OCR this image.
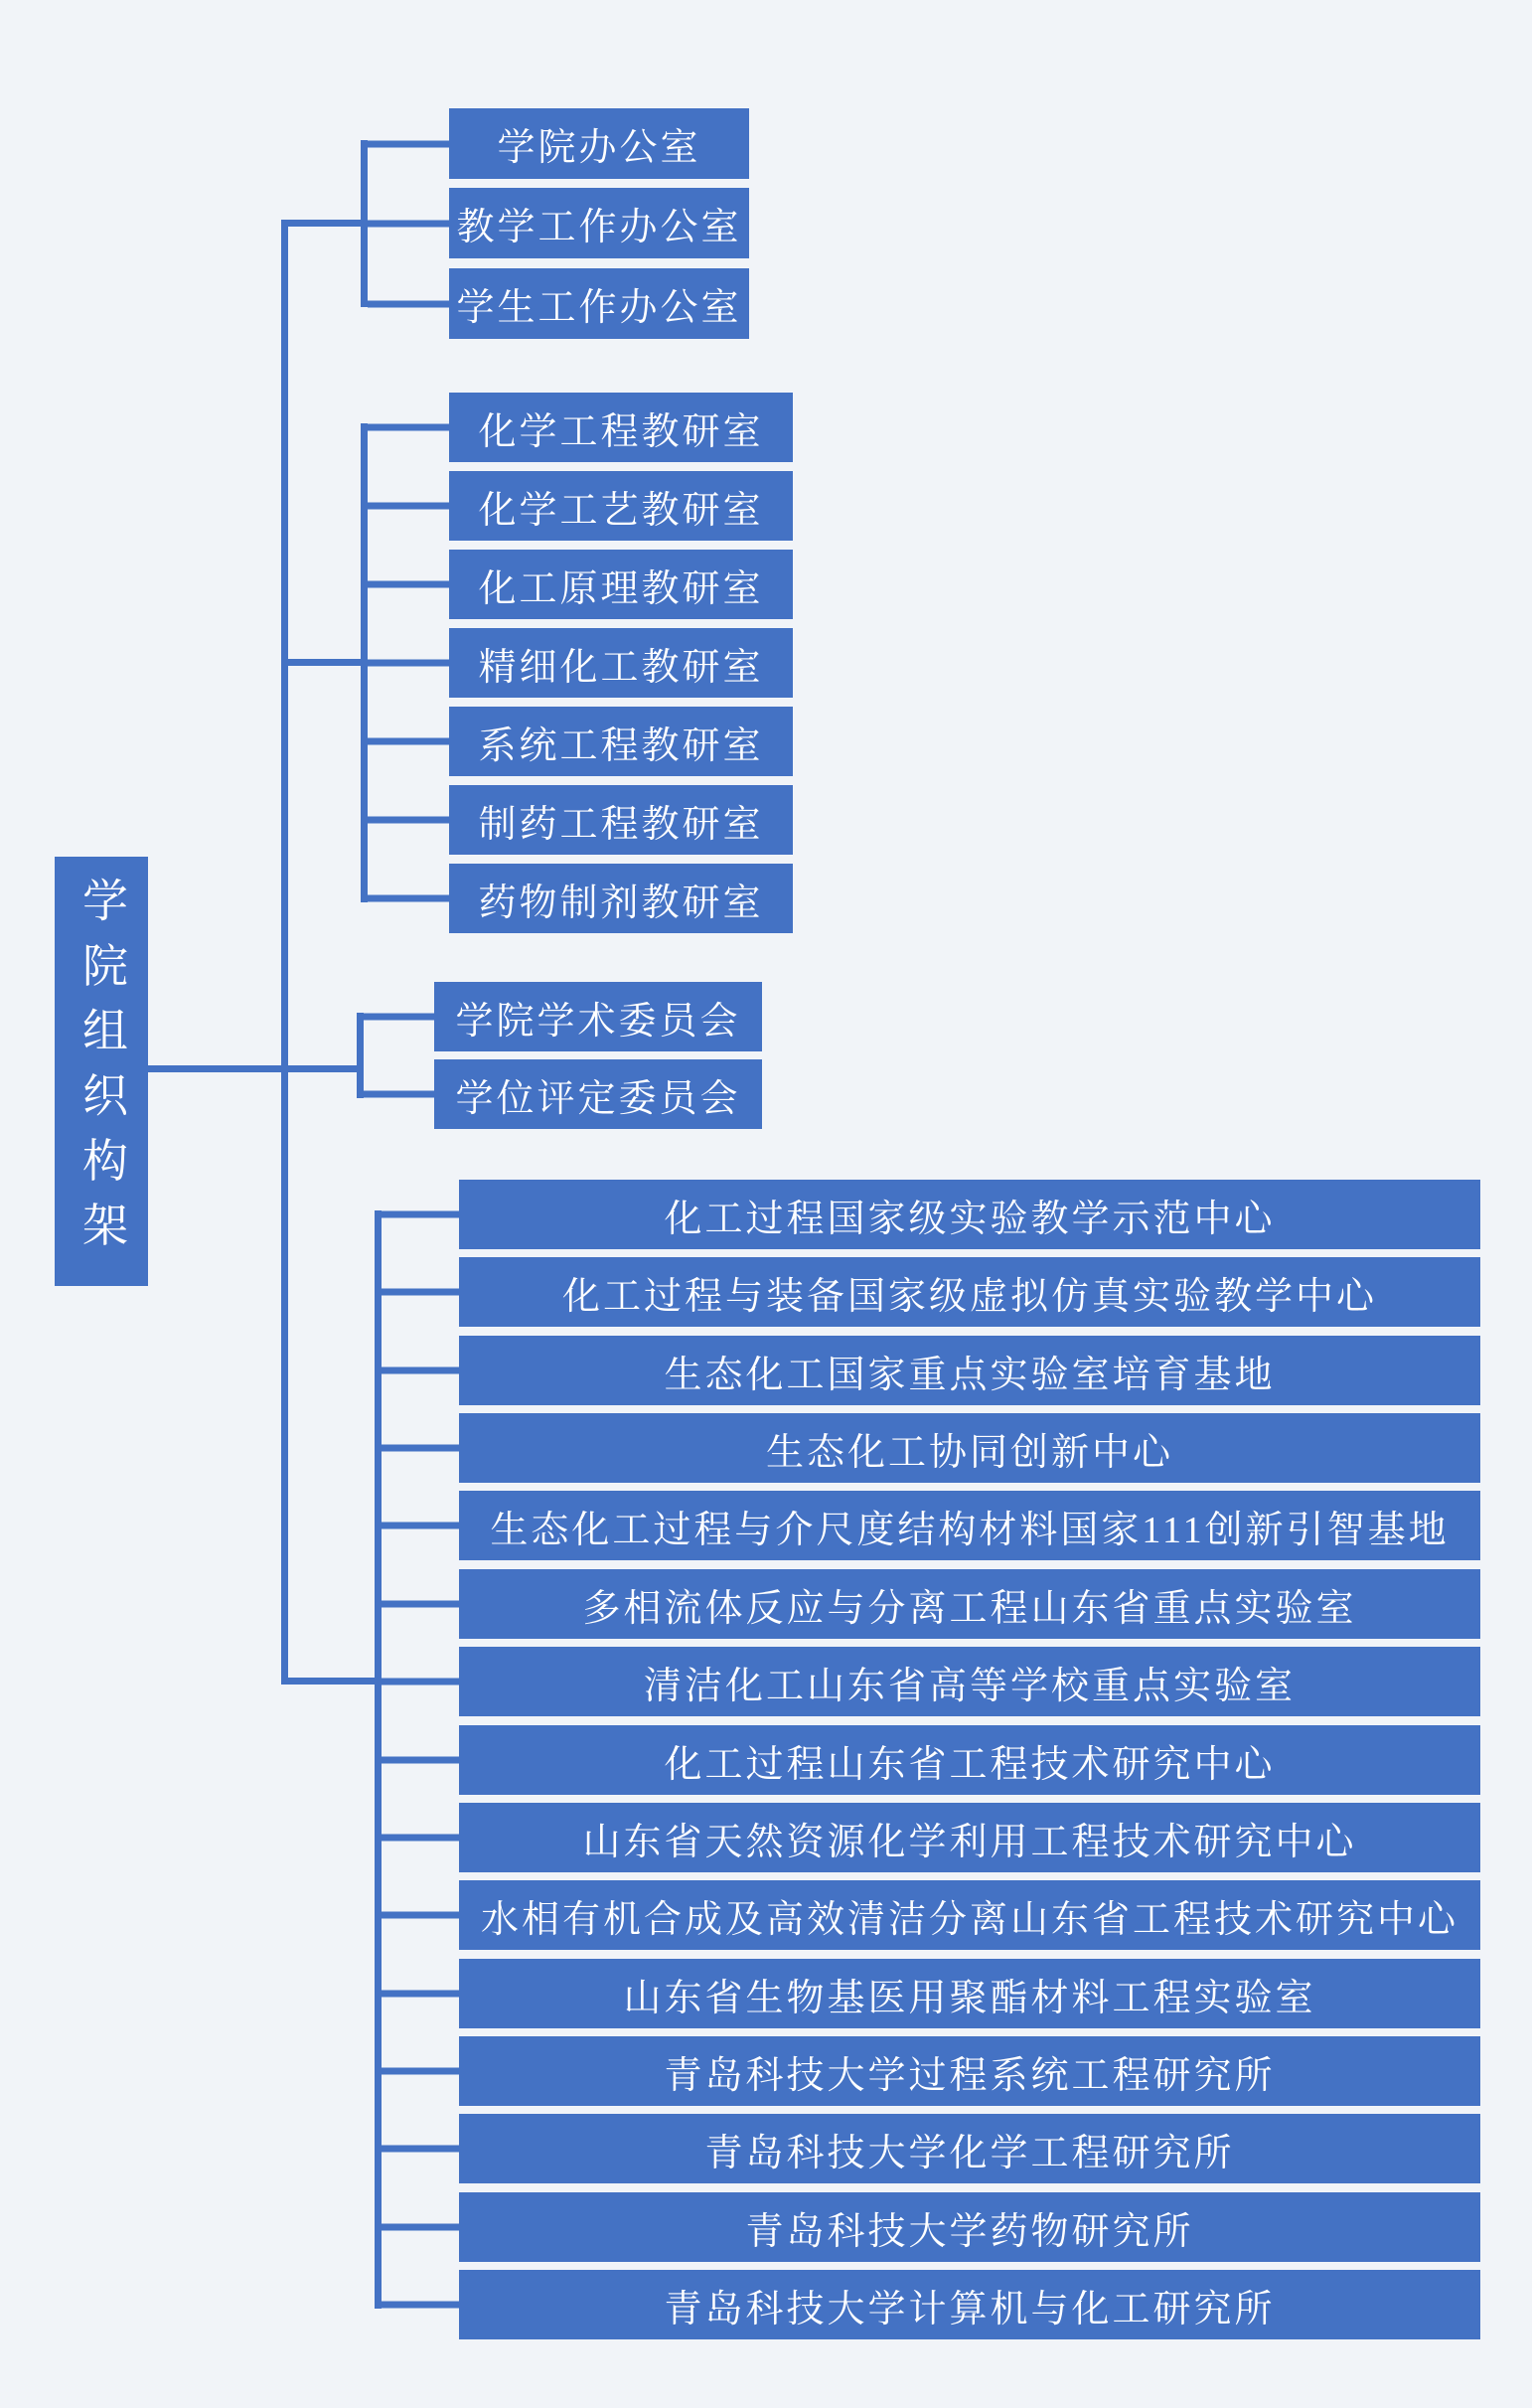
学院组织构架
学院办公室
教学工作办公室
学生工作办公室
化学工程教研室
化学工艺教研室
化工原理教研室
精细化工教研室
系统工程教研室
制药工程教研室
药物制剂教研室
学院学术委员会
学位评定委员会
化工过程国家级实验教学示范中心
化工过程与装备国家级虚拟仿真实验教学中心
生态化工国家重点实验室培育基地
生态化工协同创新中心
生态化工过程与介尺度结构材料国家111创新引智基地
多相流体反应与分离工程山东省重点实验室
清洁化工山东省高等学校重点实验室
化工过程山东省工程技术研究中心
山东省天然资源化学利用工程技术研究中心
水相有机合成及高效清洁分离山东省工程技术研究中心
山东省生物基医用聚酯材料工程实验室
青岛科技大学过程系统工程研究所
青岛科技大学化学工程研究所
青岛科技大学药物研究所
青岛科技大学计算机与化工研究所
